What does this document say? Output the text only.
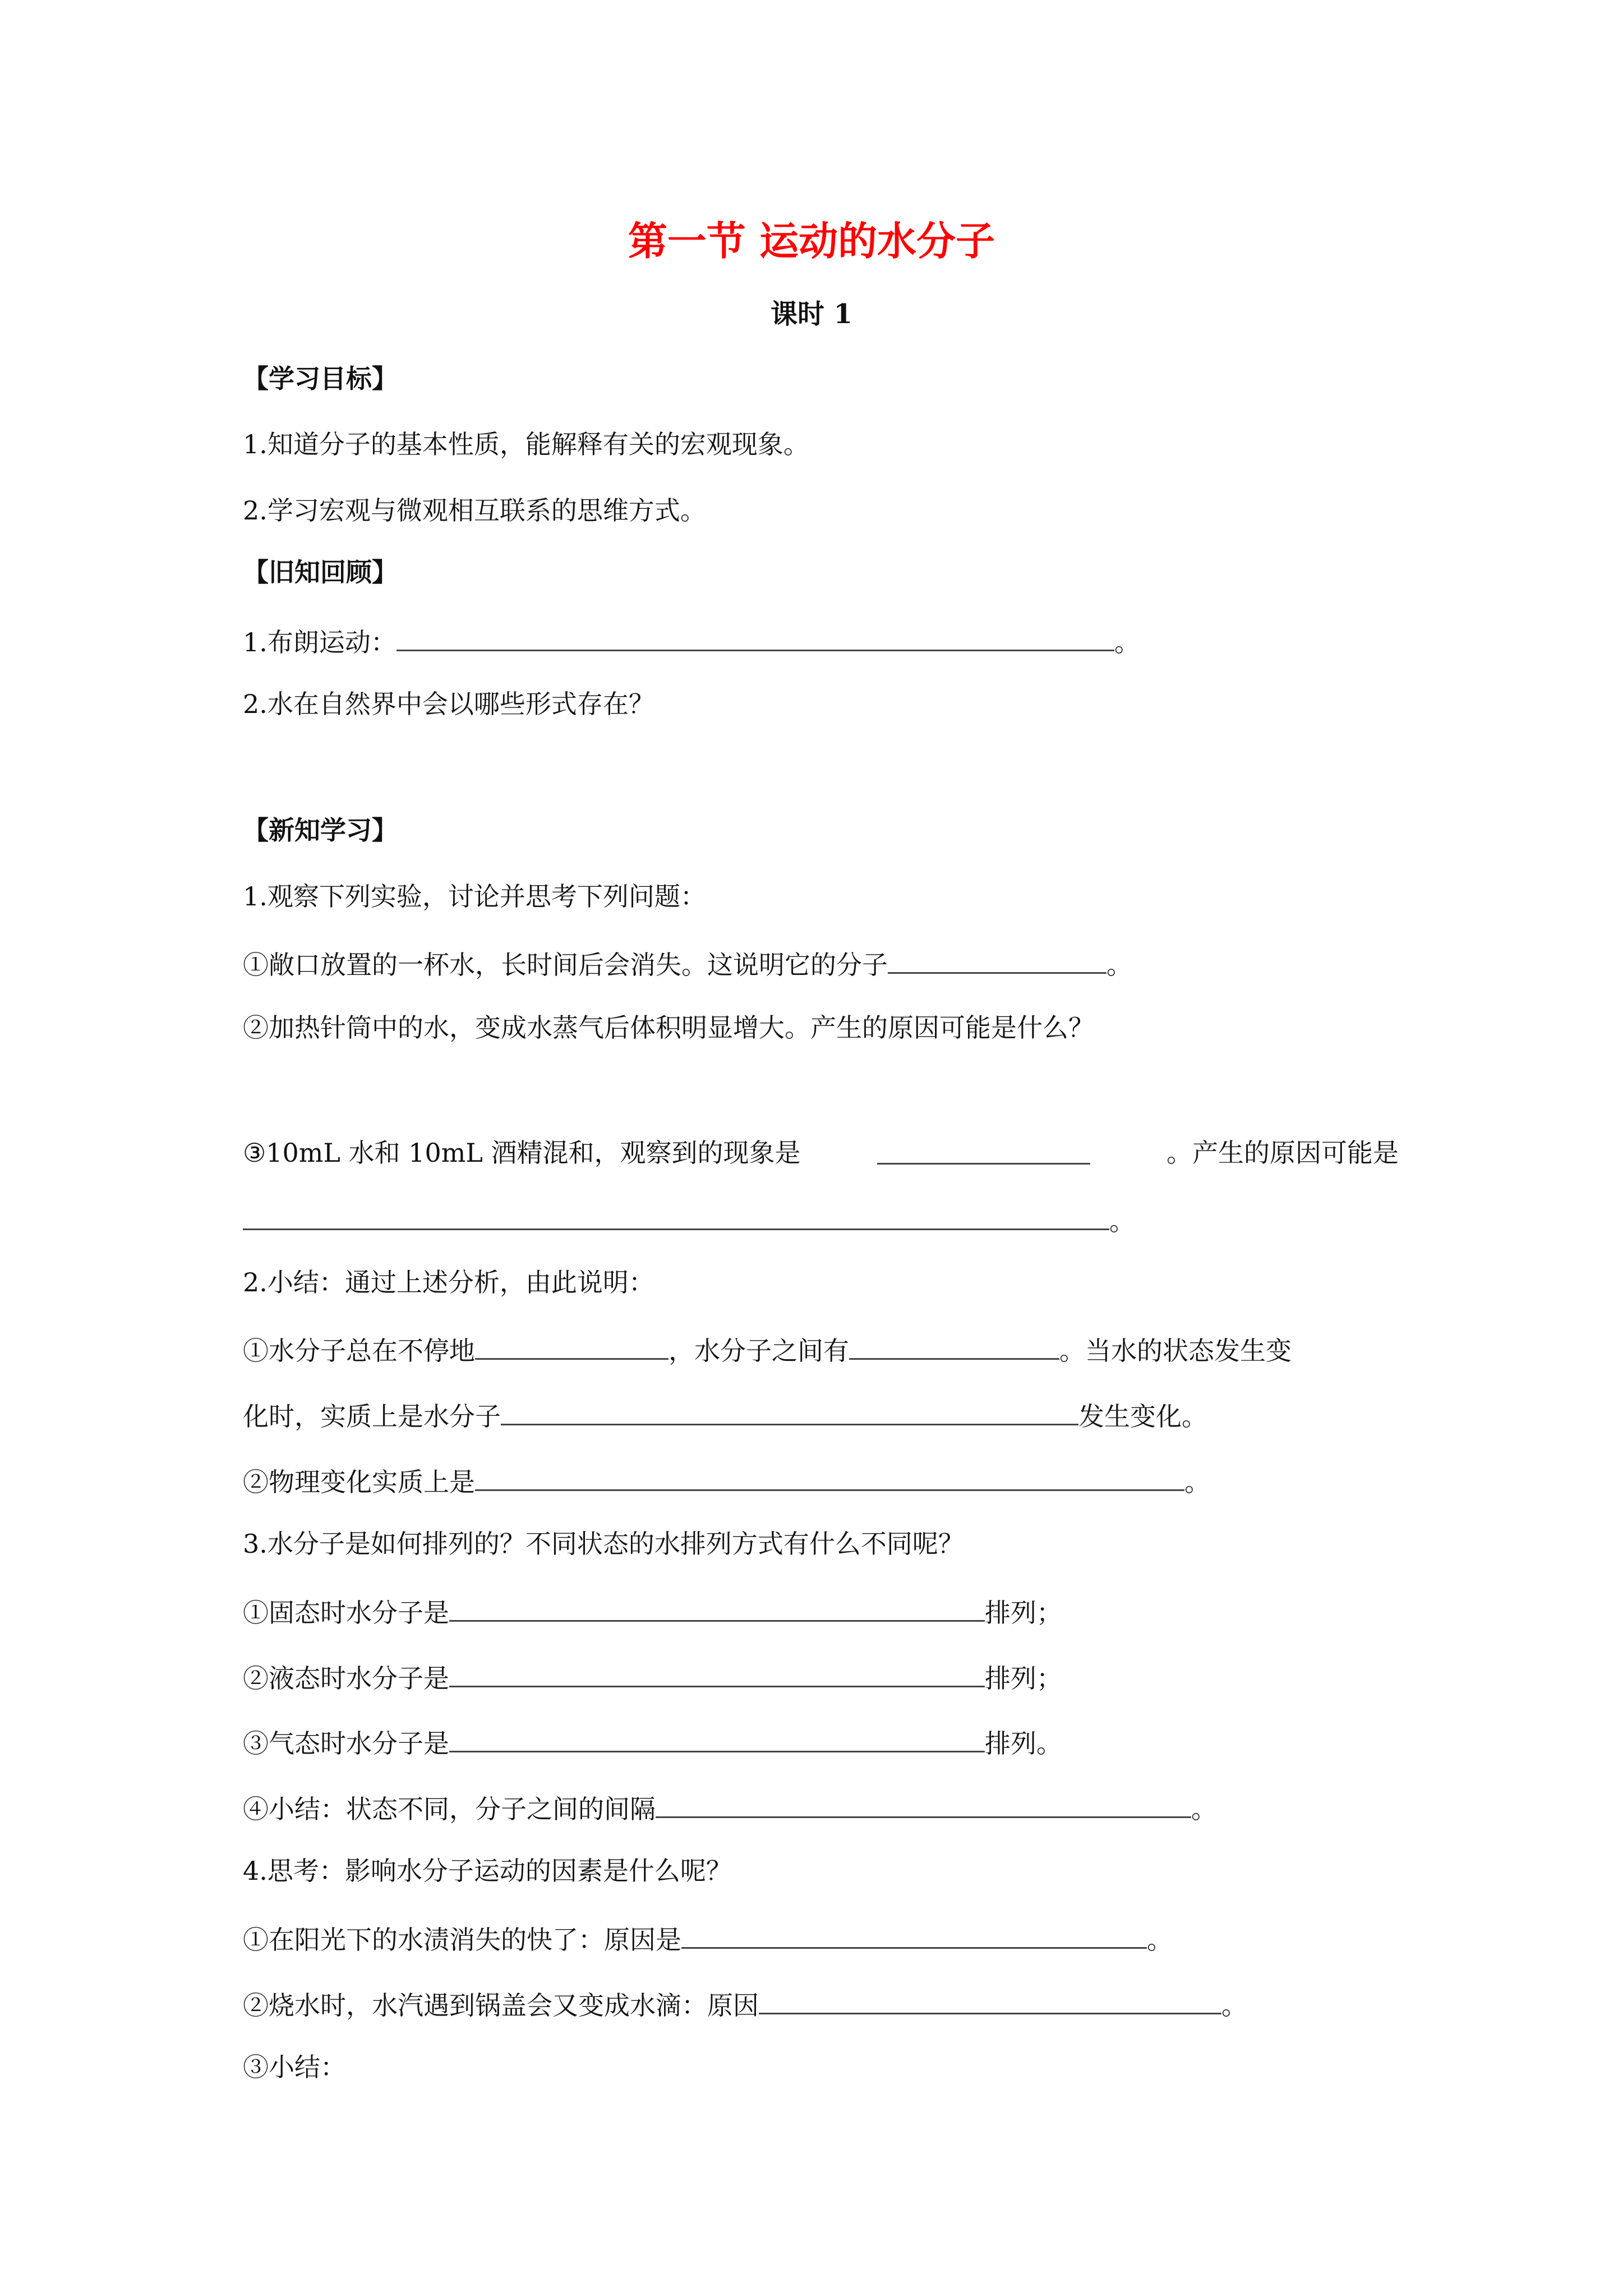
第一节 运动的水分子
课时 1
【学习目标】
1.知道分子的基本性质，能解释有关的宏观现象。
2.学习宏观与微观相互联系的思维方式。
【旧知回顾】
1.布朗运动：	。
2.水在自然界中会以哪些形式存在？
【新知学习】
1.观察下列实验，讨论并思考下列问题：
①敞口放置的一杯水，长时间后会消失。这说明它的分子	。
②加热针筒中的水，变成水蒸气后体积明显增大。产生的原因可能是什么？
③10mL 水和 10mL 酒精混和，观察到的现象是	。产生的原因可能是
。
2.小结：通过上述分析，由此说明：
①水分子总在不停地	，水分子之间有	。当水的状态发生变
化时，实质上是水分子	发生变化。
②物理变化实质上是	。
3.水分子是如何排列的？不同状态的水排列方式有什么不同呢？
①固态时水分子是	排列；
②液态时水分子是	排列；
③气态时水分子是	排列。
④小结：状态不同，分子之间的间隔	。
4.思考：影响水分子运动的因素是什么呢？
①在阳光下的水渍消失的快了：原因是	。
②烧水时，水汽遇到锅盖会又变成水滴：原因	。
③小结：
